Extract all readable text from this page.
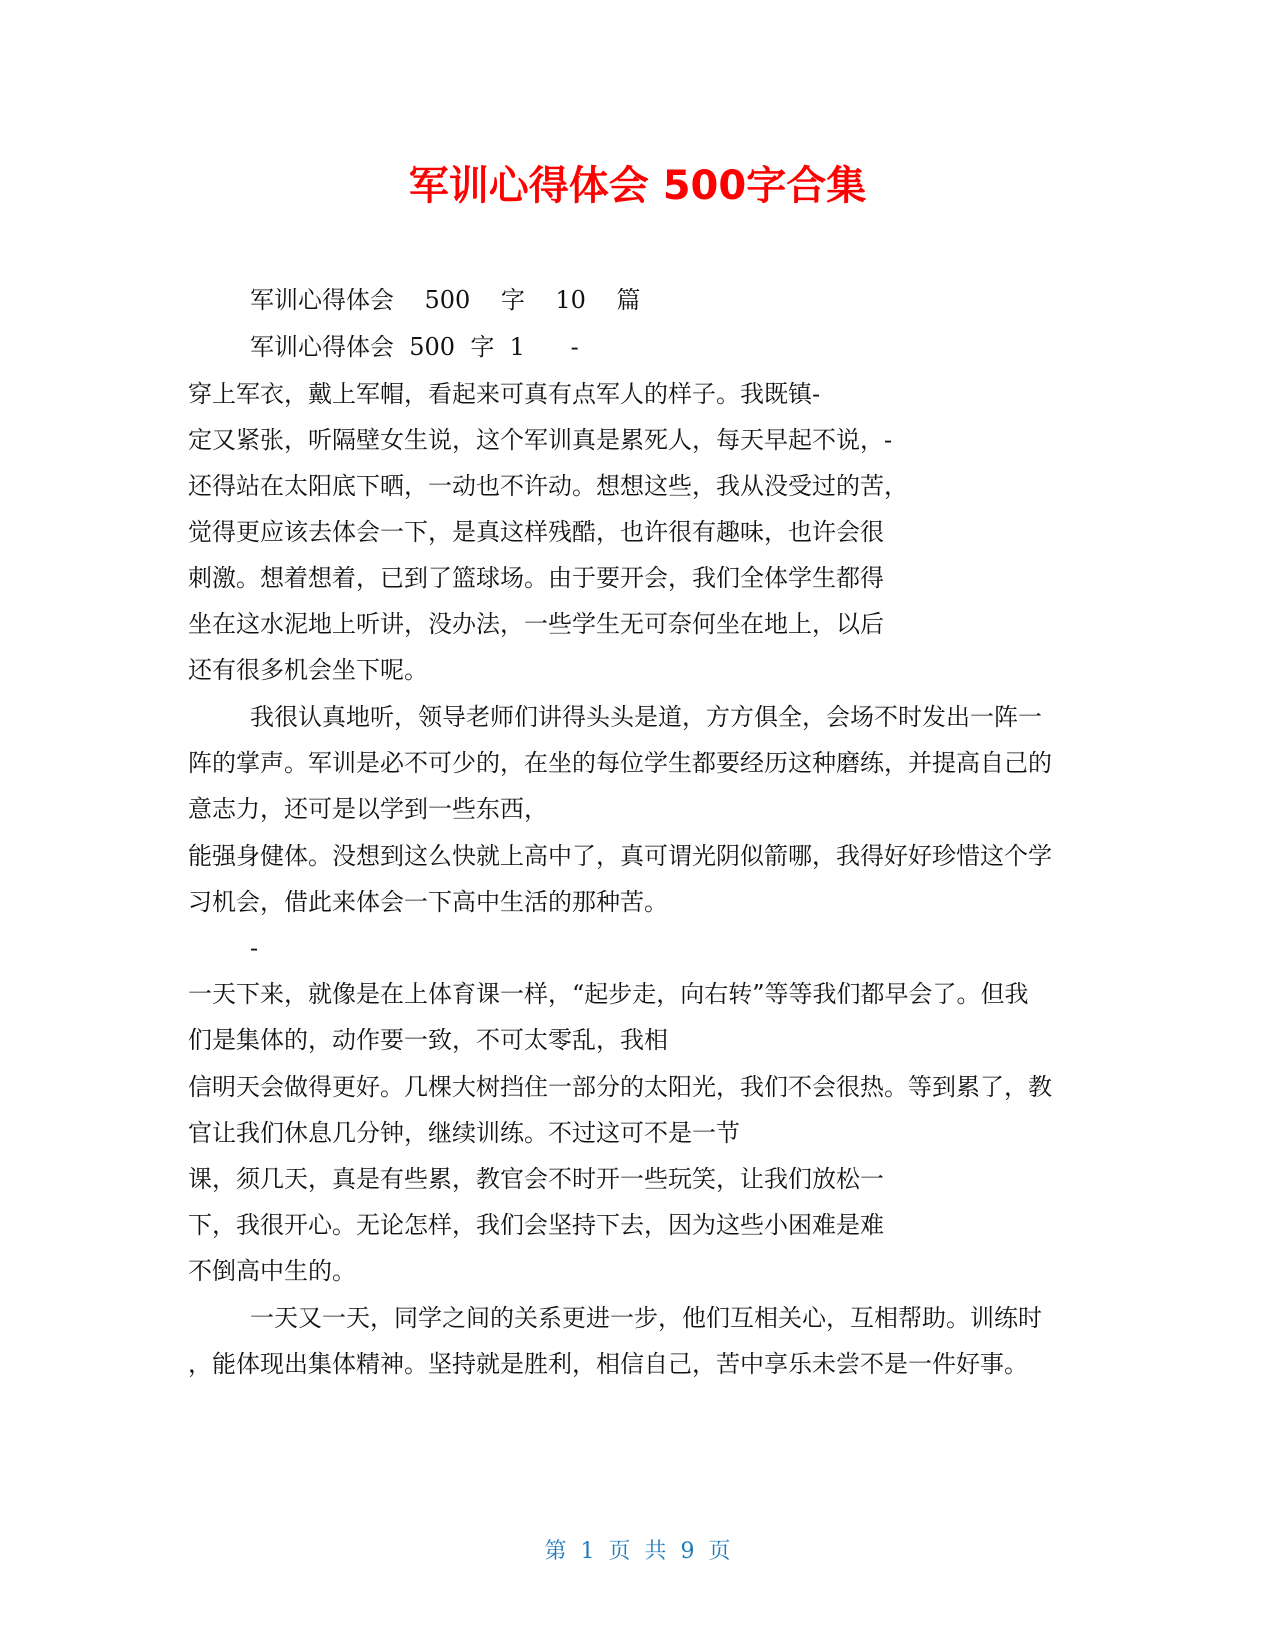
军训心得体会 500字合集
军训心得体会    500    字    10    篇
军训心得体会  500  字  1      -
穿上军衣，戴上军帽，看起来可真有点军人的样子。我既镇-
定又紧张，听隔壁女生说，这个军训真是累死人，每天早起不说，-
还得站在太阳底下晒，一动也不许动。想想这些，我从没受过的苦，
觉得更应该去体会一下，是真这样残酷，也许很有趣味，也许会很
刺激。想着想着，已到了篮球场。由于要开会，我们全体学生都得
坐在这水泥地上听讲，没办法，一些学生无可奈何坐在地上，以后
还有很多机会坐下呢。
我很认真地听，领导老师们讲得头头是道，方方俱全，会场不时发出一阵一
阵的掌声。军训是必不可少的，在坐的每位学生都要经历这种磨练，并提高自己的
意志力，还可是以学到一些东西，
能强身健体。没想到这么快就上高中了，真可谓光阴似箭哪，我得好好珍惜这个学
习机会，借此来体会一下高中生活的那种苦。
-
一天下来，就像是在上体育课一样，“起步走，向右转”等等我们都早会了。但我
们是集体的，动作要一致，不可太零乱，我相
信明天会做得更好。几棵大树挡住一部分的太阳光，我们不会很热。等到累了，教
官让我们休息几分钟，继续训练。不过这可不是一节
课，须几天，真是有些累，教官会不时开一些玩笑，让我们放松一
下，我很开心。无论怎样，我们会坚持下去，因为这些小困难是难
不倒高中生的。
一天又一天，同学之间的关系更进一步，他们互相关心，互相帮助。训练时
，能体现出集体精神。坚持就是胜利，相信自己，苦中享乐未尝不是一件好事。
第  1  页  共  9  页
